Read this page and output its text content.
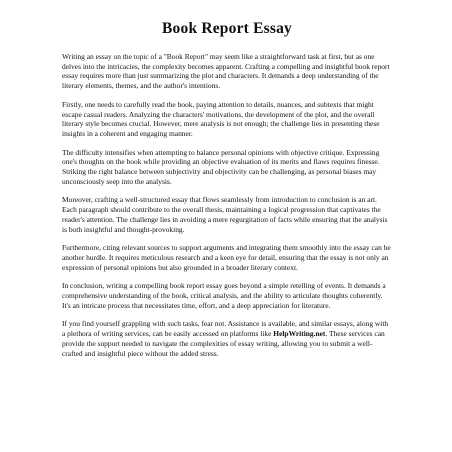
Book Report Essay

Writing an essay on the topic of a "Book Report" may seem like a straightforward task at first, but as one delves into the intricacies, the complexity becomes apparent. Crafting a compelling and insightful book report essay requires more than just summarizing the plot and characters. It demands a deep understanding of the literary elements, themes, and the author's intentions.

Firstly, one needs to carefully read the book, paying attention to details, nuances, and subtexts that might escape casual readers. Analyzing the characters' motivations, the development of the plot, and the overall literary style becomes crucial. However, mere analysis is not enough; the challenge lies in presenting these insights in a coherent and engaging manner.

The difficulty intensifies when attempting to balance personal opinions with objective critique. Expressing one's thoughts on the book while providing an objective evaluation of its merits and flaws requires finesse. Striking the right balance between subjectivity and objectivity can be challenging, as personal biases may unconsciously seep into the analysis.

Moreover, crafting a well-structured essay that flows seamlessly from introduction to conclusion is an art. Each paragraph should contribute to the overall thesis, maintaining a logical progression that captivates the reader's attention. The challenge lies in avoiding a mere regurgitation of facts while ensuring that the analysis is both insightful and thought-provoking.

Furthermore, citing relevant sources to support arguments and integrating them smoothly into the essay can be another hurdle. It requires meticulous research and a keen eye for detail, ensuring that the essay is not only an expression of personal opinions but also grounded in a broader literary context.

In conclusion, writing a compelling book report essay goes beyond a simple retelling of events. It demands a comprehensive understanding of the book, critical analysis, and the ability to articulate thoughts coherently. It's an intricate process that necessitates time, effort, and a deep appreciation for literature.

If you find yourself grappling with such tasks, fear not. Assistance is available, and similar essays, along with a plethora of writing services, can be easily accessed on platforms like HelpWriting.net. These services can provide the support needed to navigate the complexities of essay writing, allowing you to submit a well-crafted and insightful piece without the added stress.
